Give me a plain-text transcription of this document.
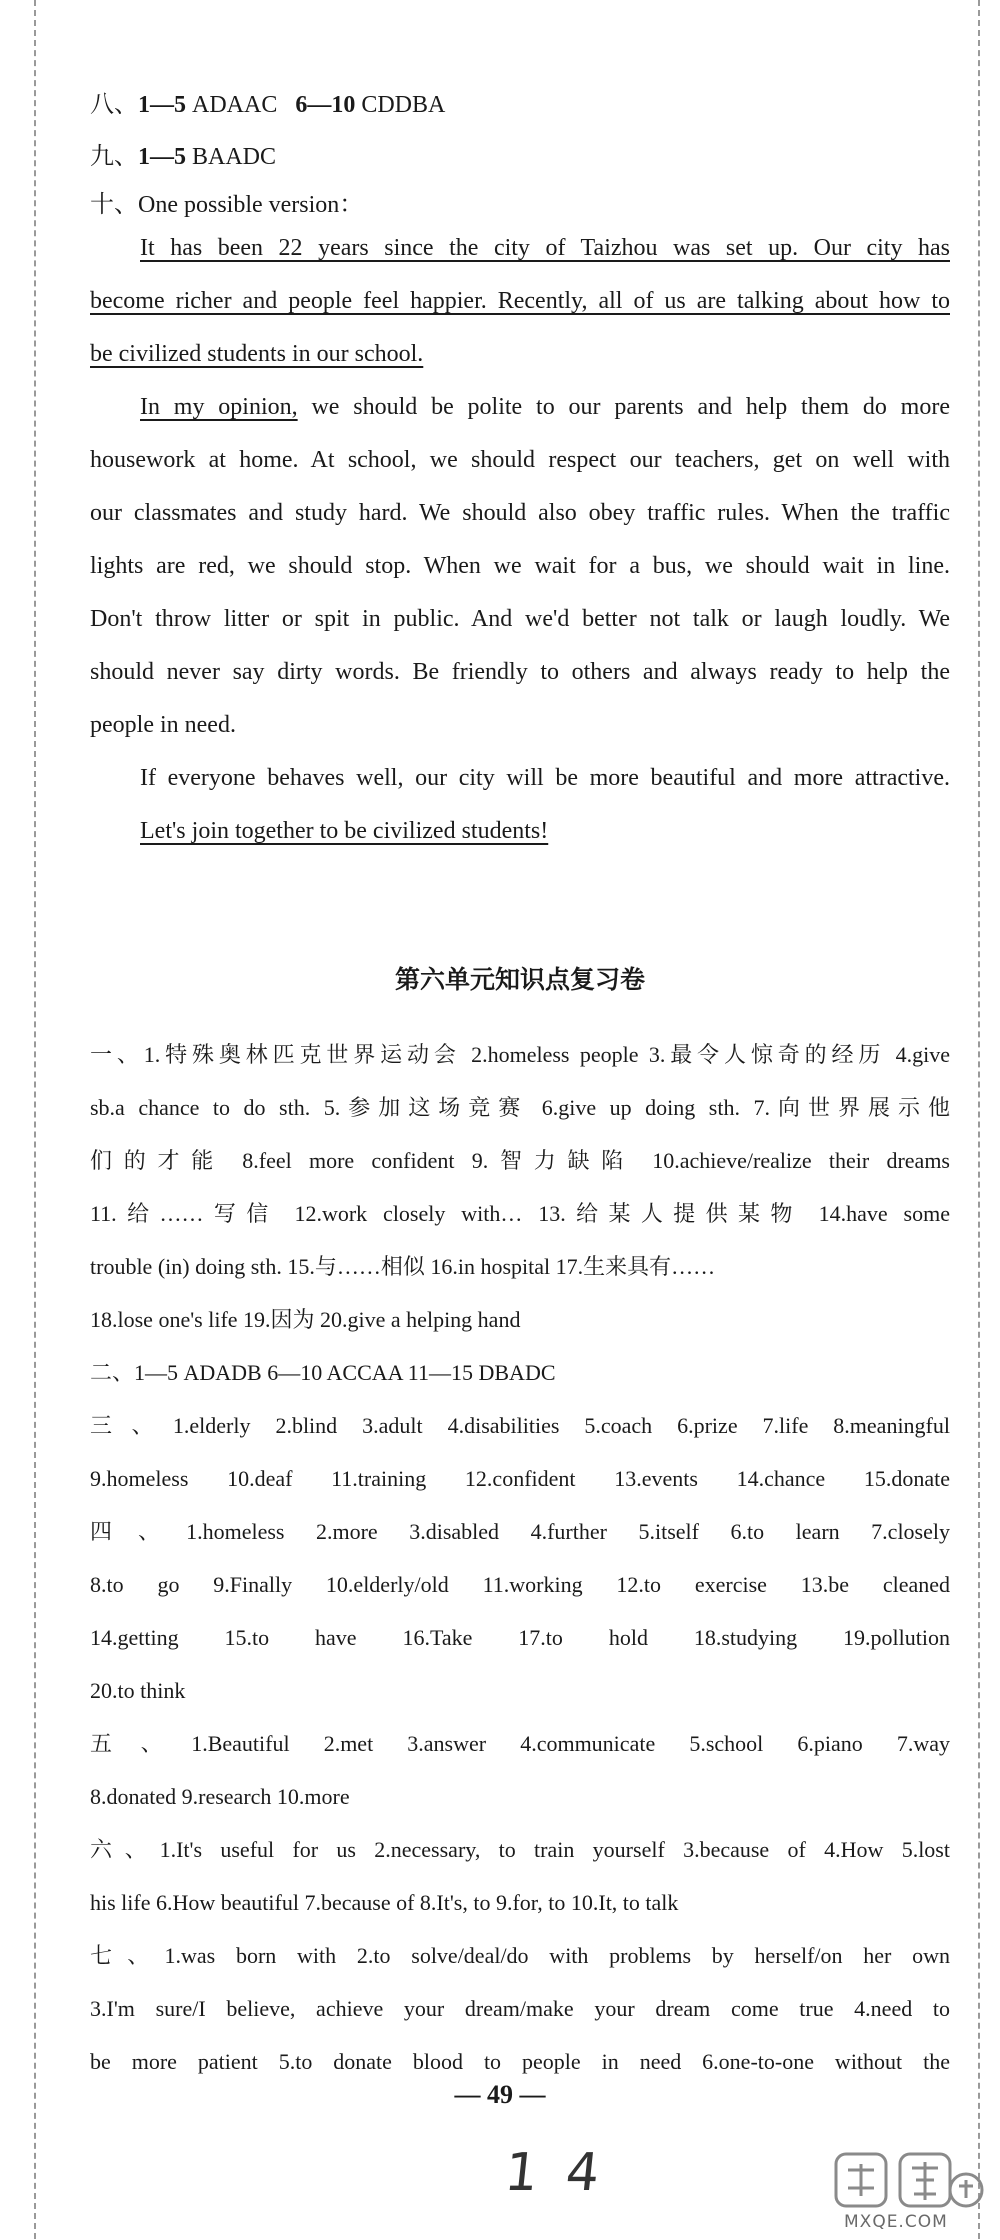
八、1—5 ADAAC 6—10 CDDBA

九、1—5 BAADC

十、One possible version：

It has been 22 years since the city of Taizhou was set up. Our city has

become richer and people feel happier. Recently, all of us are talking about how to

be civilized students in our school.

In my opinion, we should be polite to our parents and help them do more

housework at home. At school, we should respect our teachers, get on well with

our classmates and study hard. We should also obey traffic rules. When the traffic

lights are red, we should stop. When we wait for a bus, we should wait in line.

Don't throw litter or spit in public. And we'd better not talk or laugh loudly. We

should never say dirty words. Be friendly to others and always ready to help the

people in need.

If everyone behaves well, our city will be more beautiful and more attractive.

Let's join together to be civilized students!

第六单元知识点复习卷

一、1.特殊奥林匹克世界运动会 2.homeless people 3.最令人惊奇的经历 4.give

sb.a chance to do sth. 5.参加这场竞赛 6.give up doing sth. 7.向世界展示他

们的才能 8.feel more confident 9.智力缺陷 10.achieve/realize their dreams

11.给……写信 12.work closely with… 13.给某人提供某物 14.have some

trouble (in) doing sth. 15.与……相似 16.in hospital 17.生来具有……

18.lose one's life 19.因为 20.give a helping hand

二、1—5 ADADB 6—10 ACCAA 11—15 DBADC

三、1.elderly 2.blind 3.adult 4.disabilities 5.coach 6.prize 7.life 8.meaningful

9.homeless 10.deaf 11.training 12.confident 13.events 14.chance 15.donate

四、1.homeless 2.more 3.disabled 4.further 5.itself 6.to learn 7.closely

8.to go 9.Finally 10.elderly/old 11.working 12.to exercise 13.be cleaned

14.getting 15.to have 16.Take 17.to hold 18.studying 19.pollution

20.to think

五、1.Beautiful 2.met 3.answer 4.communicate 5.school 6.piano 7.way

8.donated 9.research 10.more

六、1.It's useful for us 2.necessary, to train yourself 3.because of 4.How 5.lost

his life 6.How beautiful 7.because of 8.It's, to 9.for, to 10.It, to talk

七、1.was born with 2.to solve/deal/do with problems by herself/on her own

3.I'm sure/I believe, achieve your dream/make your dream come true 4.need to

be more patient 5.to donate blood to people in need 6.one-to-one without the

— 49 —
14
MXQE.COM
